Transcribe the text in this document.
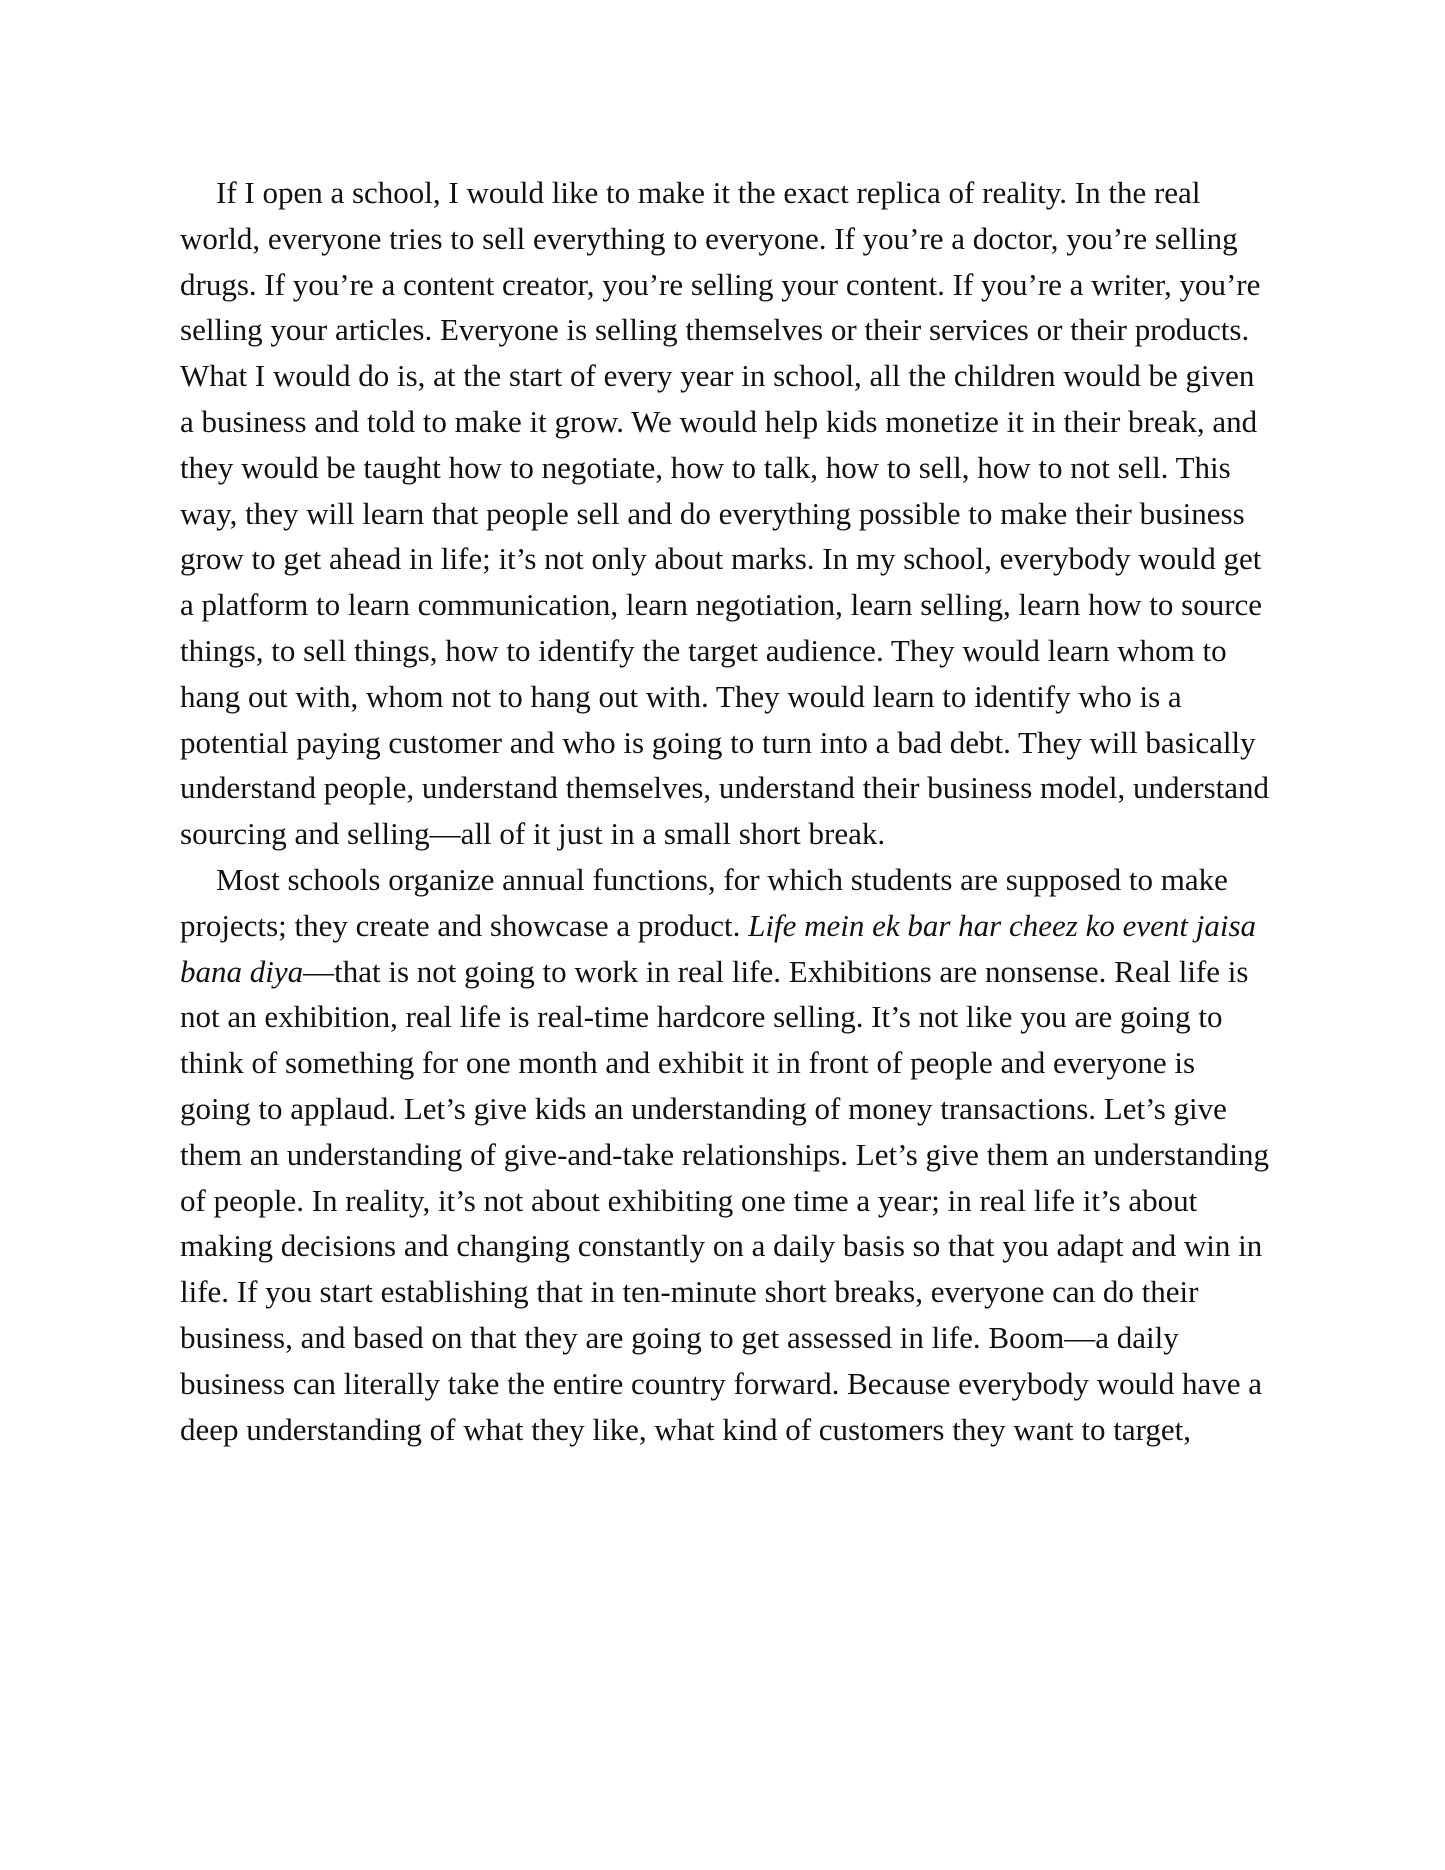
If I open a school, I would like to make it the exact replica of reality. In the real world, everyone tries to sell everything to everyone. If you’re a doctor, you’re selling drugs. If you’re a content creator, you’re selling your content. If you’re a writer, you’re selling your articles. Everyone is selling themselves or their services or their products. What I would do is, at the start of every year in school, all the children would be given a business and told to make it grow. We would help kids monetize it in their break, and they would be taught how to negotiate, how to talk, how to sell, how to not sell. This way, they will learn that people sell and do everything possible to make their business grow to get ahead in life; it’s not only about marks. In my school, everybody would get a platform to learn communication, learn negotiation, learn selling, learn how to source things, to sell things, how to identify the target audience. They would learn whom to hang out with, whom not to hang out with. They would learn to identify who is a potential paying customer and who is going to turn into a bad debt. They will basically understand people, understand themselves, understand their business model, understand sourcing and selling—all of it just in a small short break.

Most schools organize annual functions, for which students are supposed to make projects; they create and showcase a product. Life mein ek bar har cheez ko event jaisa bana diya—that is not going to work in real life. Exhibitions are nonsense. Real life is not an exhibition, real life is real-time hardcore selling. It’s not like you are going to think of something for one month and exhibit it in front of people and everyone is going to applaud. Let’s give kids an understanding of money transactions. Let’s give them an understanding of give-and-take relationships. Let’s give them an understanding of people. In reality, it’s not about exhibiting one time a year; in real life it’s about making decisions and changing constantly on a daily basis so that you adapt and win in life. If you start establishing that in ten-minute short breaks, everyone can do their business, and based on that they are going to get assessed in life. Boom—a daily business can literally take the entire country forward. Because everybody would have a deep understanding of what they like, what kind of customers they want to target,
